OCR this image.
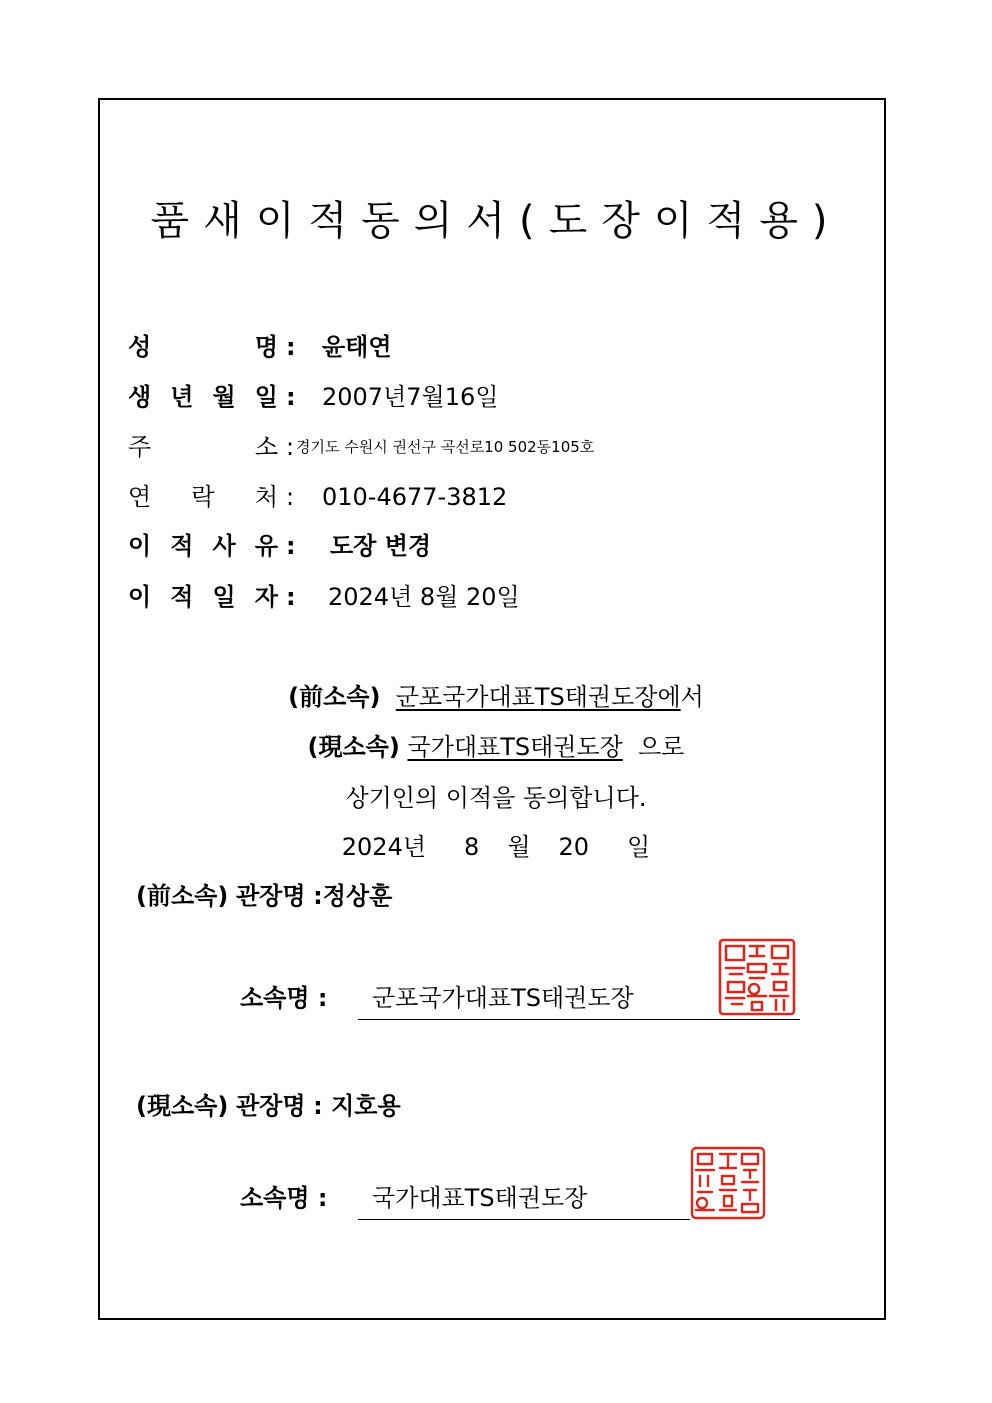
품새이적동의서(도장이적용)
성	명 : 윤태연
생 년 월 일 : 2007년7월16일
주	소 : 경기도 수원시 권선구 곡선로10 502동105호
연 락 처 : 010-4677-3812
이 적 사 유 : 도장 변경
이 적 일 자 : 2024년 8월 20일
(前소속) 군포국가대표TS태권도장에서
(現소속) 국가대표TS태권도장 으로
상기인의 이적을 동의합니다.
2024년 8 월 20 일
(前소속) 관장명 :정상훈
소속명 : 군포국가대표TS태권도장
(現소속) 관장명 : 지호용
소속명 : 국가대표TS태권도장
